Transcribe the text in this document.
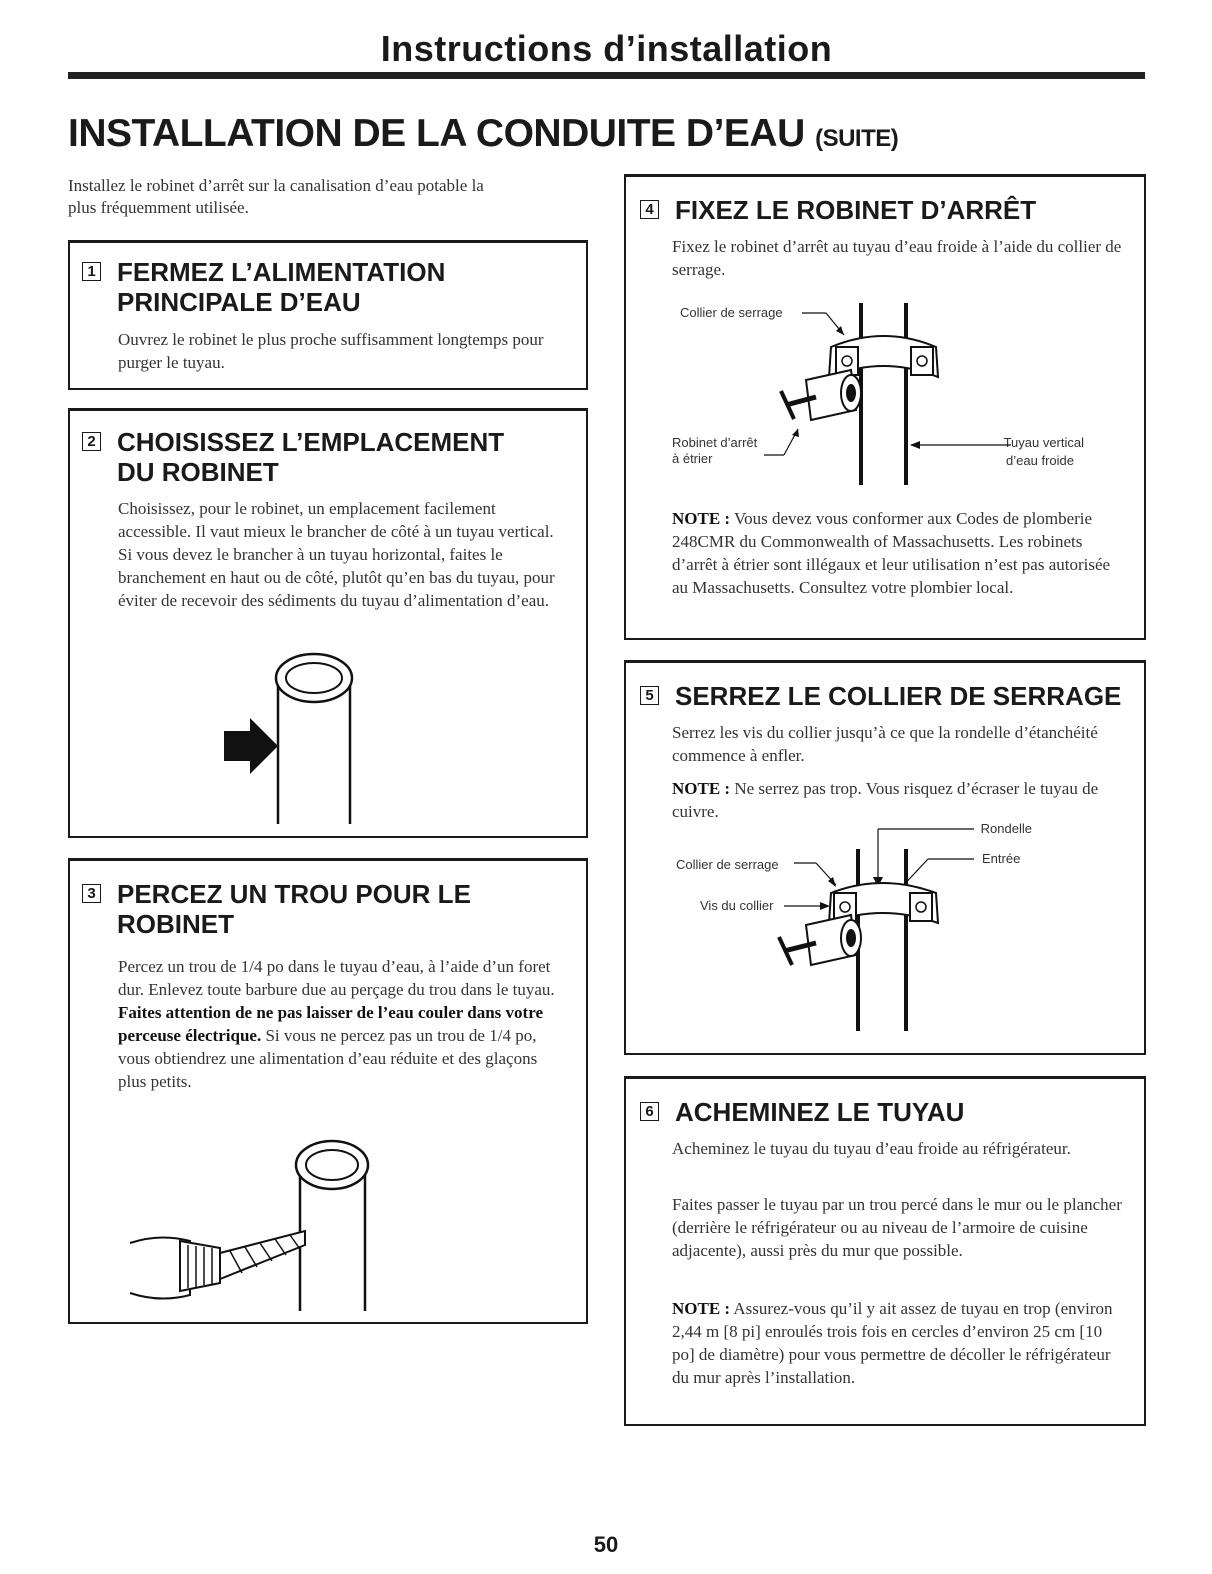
Instructions d’installation
INSTALLATION DE LA CONDUITE D’EAU (SUITE)

Installez le robinet d’arrêt sur la canalisation d’eau potable la plus fréquemment utilisée.

1 FERMEZ L’ALIMENTATION
PRINCIPALE D’EAU

Ouvrez le robinet le plus proche suffisamment longtemps pour purger le tuyau.

2 CHOISISSEZ L’EMPLACEMENT
DU ROBINET

Choisissez, pour le robinet, un emplacement facilement accessible. Il vaut mieux le brancher de côté à un tuyau vertical. Si vous devez le brancher à un tuyau horizontal, faites le branchement en haut ou de côté, plutôt qu’en bas du tuyau, pour éviter de recevoir des sédiments du tuyau d’alimentation d’eau.

3 PERCEZ UN TROU POUR LE
ROBINET

Percez un trou de 1/4 po dans le tuyau d’eau, à l’aide d’un foret dur. Enlevez toute barbure due au perçage du trou dans le tuyau. Faites attention de ne pas laisser de l’eau couler dans votre perceuse électrique. Si vous ne percez pas un trou de 1/4 po, vous obtiendrez une alimentation d’eau réduite et des glaçons plus petits.

4 FIXEZ LE ROBINET D’ARRÊT

Fixez le robinet d’arrêt au tuyau d’eau froide à l’aide du collier de serrage.

Collier de serrage
Robinet d’arrêt
à étrier
Tuyau vertical
d’eau froide

NOTE : Vous devez vous conformer aux Codes de plomberie 248CMR du Commonwealth of Massachusetts. Les robinets d’arrêt à étrier sont illégaux et leur utilisation n’est pas autorisée au Massachusetts. Consultez votre plombier local.

5 SERREZ LE COLLIER DE SERRAGE

Serrez les vis du collier jusqu’à ce que la rondelle d’étanchéité commence à enfler.

NOTE : Ne serrez pas trop. Vous risquez d’écraser le tuyau de cuivre.

Rondelle
Entrée
Collier de serrage
Vis du collier
6 ACHEMINEZ LE TUYAU

Acheminez le tuyau du tuyau d’eau froide au réfrigérateur.

Faites passer le tuyau par un trou percé dans le mur ou le plancher (derrière le réfrigérateur ou au niveau de l’armoire de cuisine adjacente), aussi près du mur que possible.

NOTE : Assurez-vous qu’il y ait assez de tuyau en trop (environ 2,44 m [8 pi] enroulés trois fois en cercles d’environ 25 cm [10 po] de diamètre) pour vous permettre de décoller le réfrigérateur du mur après l’installation.

50
